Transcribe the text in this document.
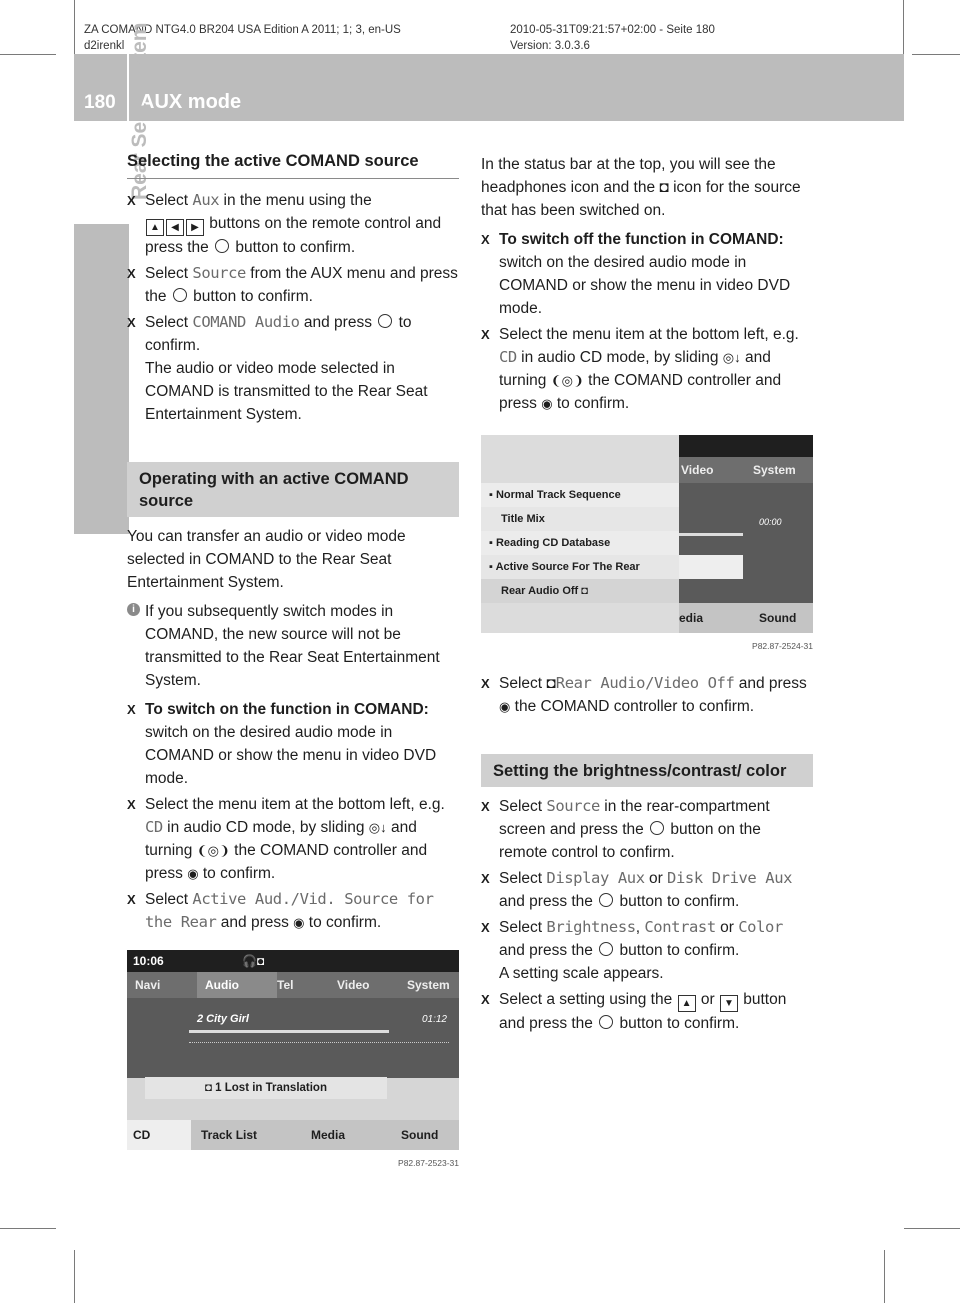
ZA COMAND NTG4.0 BR204 USA Edition A 2011; 1; 3, en-US
d2irenkl
2010-05-31T09:21:57+02:00 - Seite 180
Version: 3.0.3.6
180 AUX mode
Rear Seat System
Selecting the active COMAND source
X Select Aux in the menu using the
▲ ◀ ▶ buttons on the remote control and press the  button to confirm.
X Select Source from the AUX menu and press the  button to confirm.
X Select COMAND Audio and press  to confirm.
The audio or video mode selected in COMAND is transmitted to the Rear Seat Entertainment System.
Operating with an active COMAND source

You can transfer an audio or video mode selected in COMAND to the Rear Seat Entertainment System.

i If you subsequently switch modes in COMAND, the new source will not be transmitted to the Rear Seat Entertainment System.
X To switch on the function in COMAND: switch on the desired audio mode in COMAND or show the menu in video DVD mode.
X Select the menu item at the bottom left, e.g. CD in audio CD mode, by sliding ◎↓ and turning ❨◎❩ the COMAND controller and press ◉ to confirm.
X Select Active Aud./Vid. Source for the Rear and press ◉ to confirm.
10:06	🎧◘
Navi	Audio	Tel	Video	System
2 City Girl	01:12
◘ 1 Lost in Translation
CD	Track List	Media	Sound
P82.87-2523-31

In the status bar at the top, you will see the headphones icon and the ◘ icon for the source that has been switched on.

X To switch off the function in COMAND: switch on the desired audio mode in COMAND or show the menu in video DVD mode.
X Select the menu item at the bottom left, e.g. CD in audio CD mode, by sliding ◎↓ and turning ❨◎❩ the COMAND controller and press ◉ to confirm.
Video	System
00:00
▪ Normal Track Sequence
Title Mix
▪ Reading CD Database
▪ Active Source For The Rear
Rear Audio Off ◘
edia	Sound
P82.87-2524-31
X Select ◘Rear Audio/Video Off and press ◉ the COMAND controller to confirm.
Setting the brightness/contrast/ color
X Select Source in the rear-compartment screen and press the  button on the remote control to confirm.
X Select Display Aux or Disk Drive Aux and press the  button to confirm.
X Select Brightness, Contrast or Color and press the  button to confirm.
A setting scale appears.
X Select a setting using the ▲ or ▼ button and press the  button to confirm.
